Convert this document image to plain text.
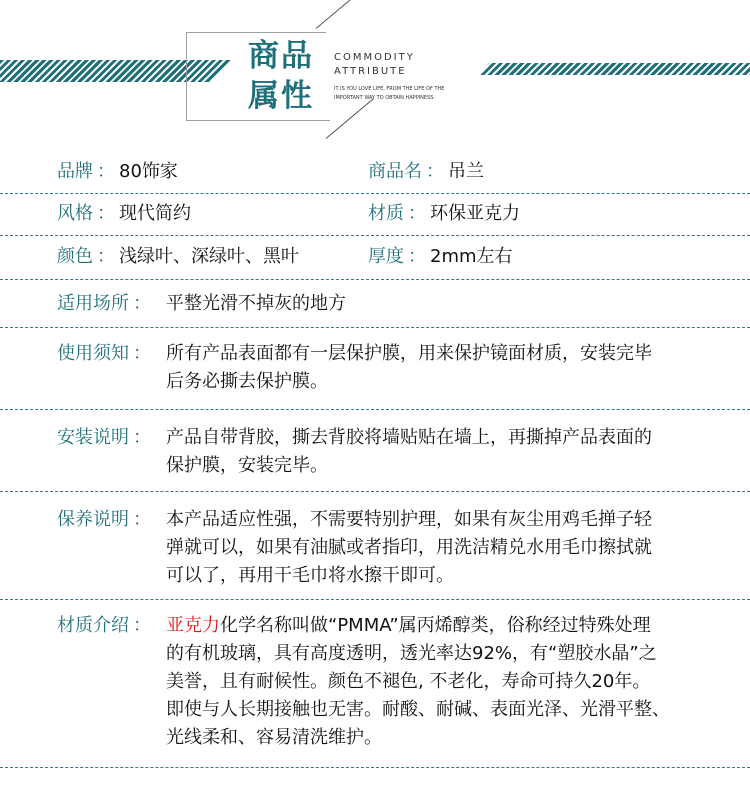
商品属性
COMMODITY
ATTRIBUTE
IT IS YOU LOVE LIFE, FROM THE LIFE OF THE IMPORTANT WAY TO OBTAIN HAPPINESS.
品牌 ： 80饰家	商品名 ： 吊兰
风格 ： 现代简约	材质 ： 环保亚克力
颜色 ： 浅绿叶、深绿叶、黑叶	厚度 ： 2mm左右
适用场所 ： 平整光滑不掉灰的地方
使用须知 ： 所有产品表面都有一层保护膜，用来保护镜面材质，安装完毕
后务必撕去保护膜。
安装说明 ： 产品自带背胶，撕去背胶将墙贴贴在墙上，再撕掉产品表面的
保护膜，安装完毕。
保养说明 ： 本产品适应性强，不需要特别护理，如果有灰尘用鸡毛掸子轻
弹就可以，如果有油腻或者指印，用洗洁精兑水用毛巾擦拭就
可以了，再用干毛巾将水擦干即可。
材质介绍 ： 亚克力化学名称叫做“PMMA”属丙烯醇类，俗称经过特殊处理
的有机玻璃，具有高度透明，透光率达92%，有“塑胶水晶”之
美誉，且有耐候性。颜色不褪色, 不老化，寿命可持久20年。
即使与人长期接触也无害。耐酸、耐碱、表面光泽、光滑平整、
光线柔和、容易清洗维护。
